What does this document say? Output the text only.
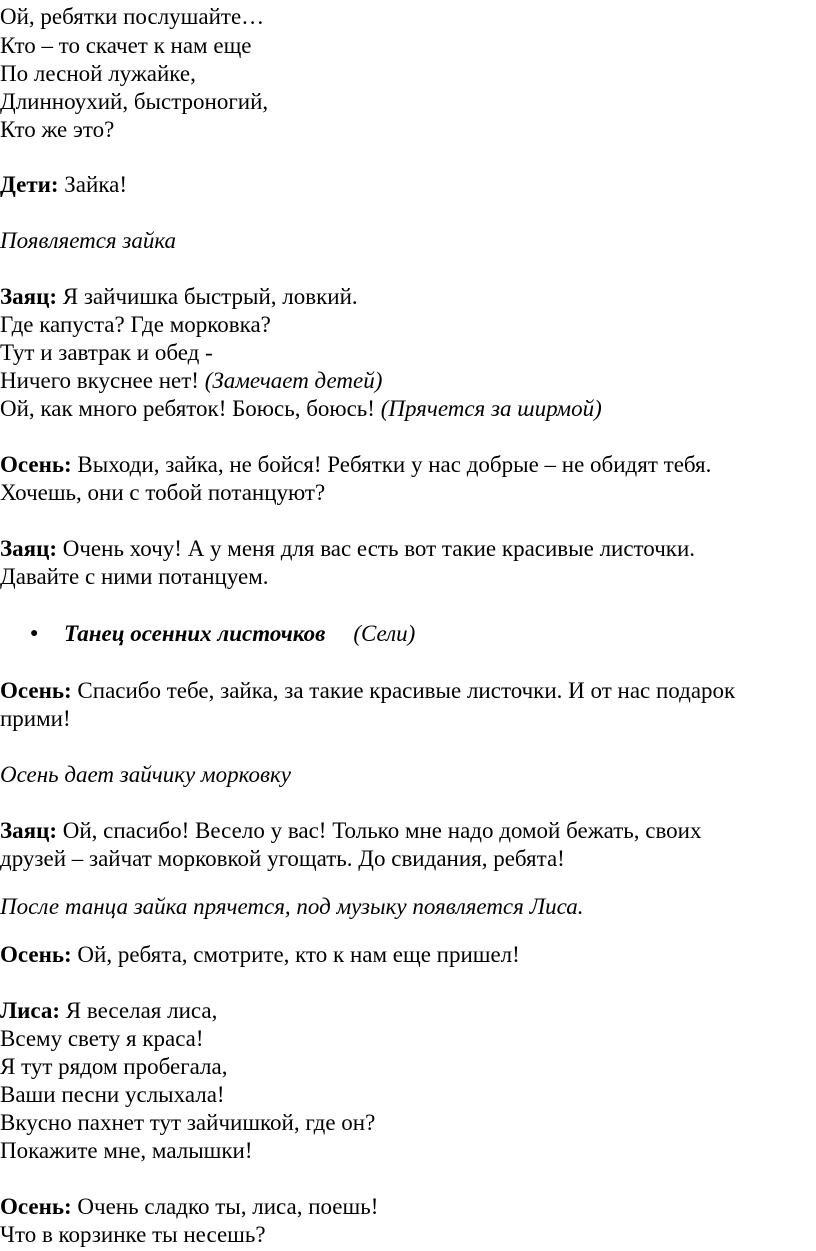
Ой, ребятки послушайте…
Кто – то скачет к нам еще
По лесной лужайке,
Длинноухий, быстроногий,
Кто же это?
Дети: Зайка!
Появляется зайка
Заяц: Я зайчишка быстрый, ловкий.
Где капуста? Где морковка?
Тут и завтрак и обед -
Ничего вкуснее нет! (Замечает детей)
Ой, как много ребяток! Боюсь, боюсь! (Прячется за ширмой)
Осень: Выходи, зайка, не бойся! Ребятки у нас добрые – не обидят тебя.
Хочешь, они с тобой потанцуют?
Заяц: Очень хочу! А у меня для вас есть вот такие красивые листочки.
Давайте с ними потанцуем.
● Танец осенних листочков (Сели)
Осень: Спасибо тебе, зайка, за такие красивые листочки. И от нас подарок
прими!
Осень дает зайчику морковку
Заяц: Ой, спасибо! Весело у вас! Только мне надо домой бежать, своих
друзей – зайчат морковкой угощать. До свидания, ребята!
После танца зайка прячется, под музыку появляется Лиса.
Осень: Ой, ребята, смотрите, кто к нам еще пришел!
Лиса: Я веселая лиса,
Всему свету я краса!
Я тут рядом пробегала,
Ваши песни услыхала!
Вкусно пахнет тут зайчишкой, где он?
Покажите мне, малышки!
Осень: Очень сладко ты, лиса, поешь!
Что в корзинке ты несешь?
